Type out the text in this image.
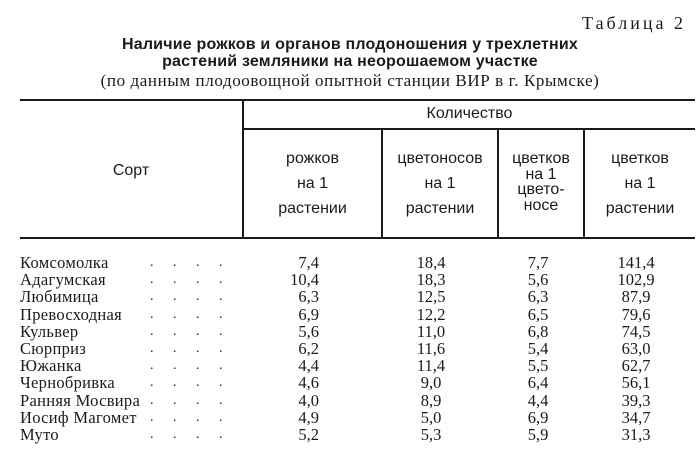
Таблица 2
Наличие рожков и органов плодоношения у трехлетних
растений земляники на неорошаемом участке
(по данным плодоовощной опытной станции ВИР в г. Крымске)
Сорт
Количество
рожков
на 1
растении
цветоносов
на 1
растении
цветков
на 1
цвето-
носе
цветков
на 1
растении
Комсомолка	. . . .	7,4	18,4	7,7	141,4
Адагумская	. . . .	10,4	18,3	5,6	102,9
Любимица	. . . .	6,3	12,5	6,3	87,9
Превосходная . . . .	6,9	12,2	6,5	79,6
Кульвер	. . . .	5,6	11,0	6,8	74,5
Сюрприз	. . . .	6,2	11,6	5,4	63,0
Южанка	. . . .	4,4	11,4	5,5	62,7
Чернобривка . . . .	4,6	9,0	6,4	56,1
Ранняя Мосвира . . . .	4,0	8,9	4,4	39,3
Иосиф Магомет . . . .	4,9	5,0	6,9	34,7
Муто	. . . .	5,2	5,3	5,9	31,3
